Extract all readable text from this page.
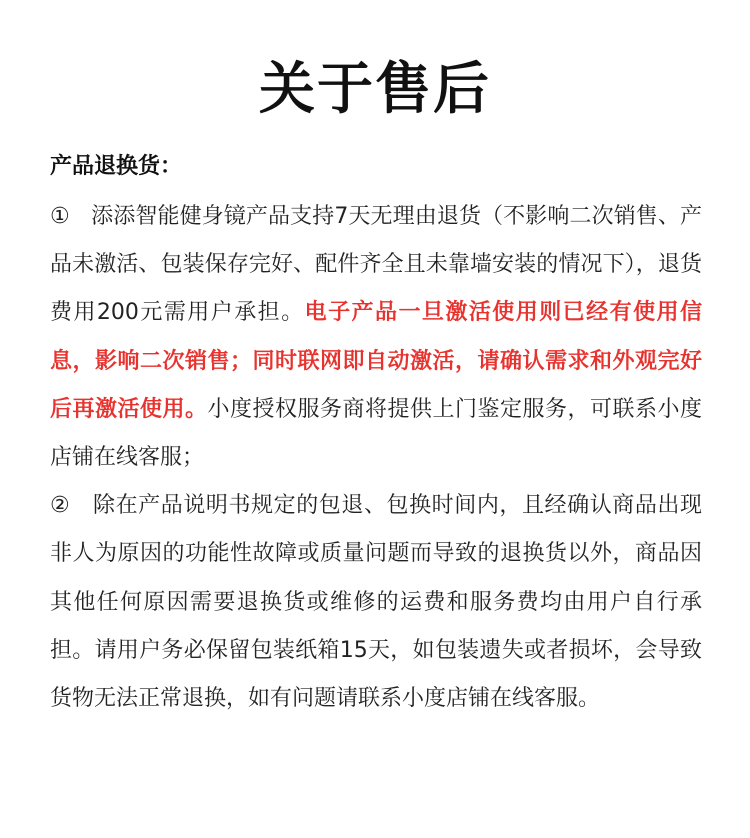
关于售后
产品退换货：

① 添添智能健身镜产品支持7天无理由退货（不影响二次销售、产品未激活、包装保存完好、配件齐全且未靠墙安装的情况下），退货费用200元需用户承担。电子产品一旦激活使用则已经有使用信息，影响二次销售；同时联网即自动激活，请确认需求和外观完好后再激活使用。小度授权服务商将提供上门鉴定服务，可联系小度店铺在线客服；

② 除在产品说明书规定的包退、包换时间内，且经确认商品出现非人为原因的功能性故障或质量问题而导致的退换货以外，商品因其他任何原因需要退换货或维修的运费和服务费均由用户自行承担。请用户务必保留包装纸箱15天，如包装遗失或者损坏，会导致货物无法正常退换，如有问题请联系小度店铺在线客服。
